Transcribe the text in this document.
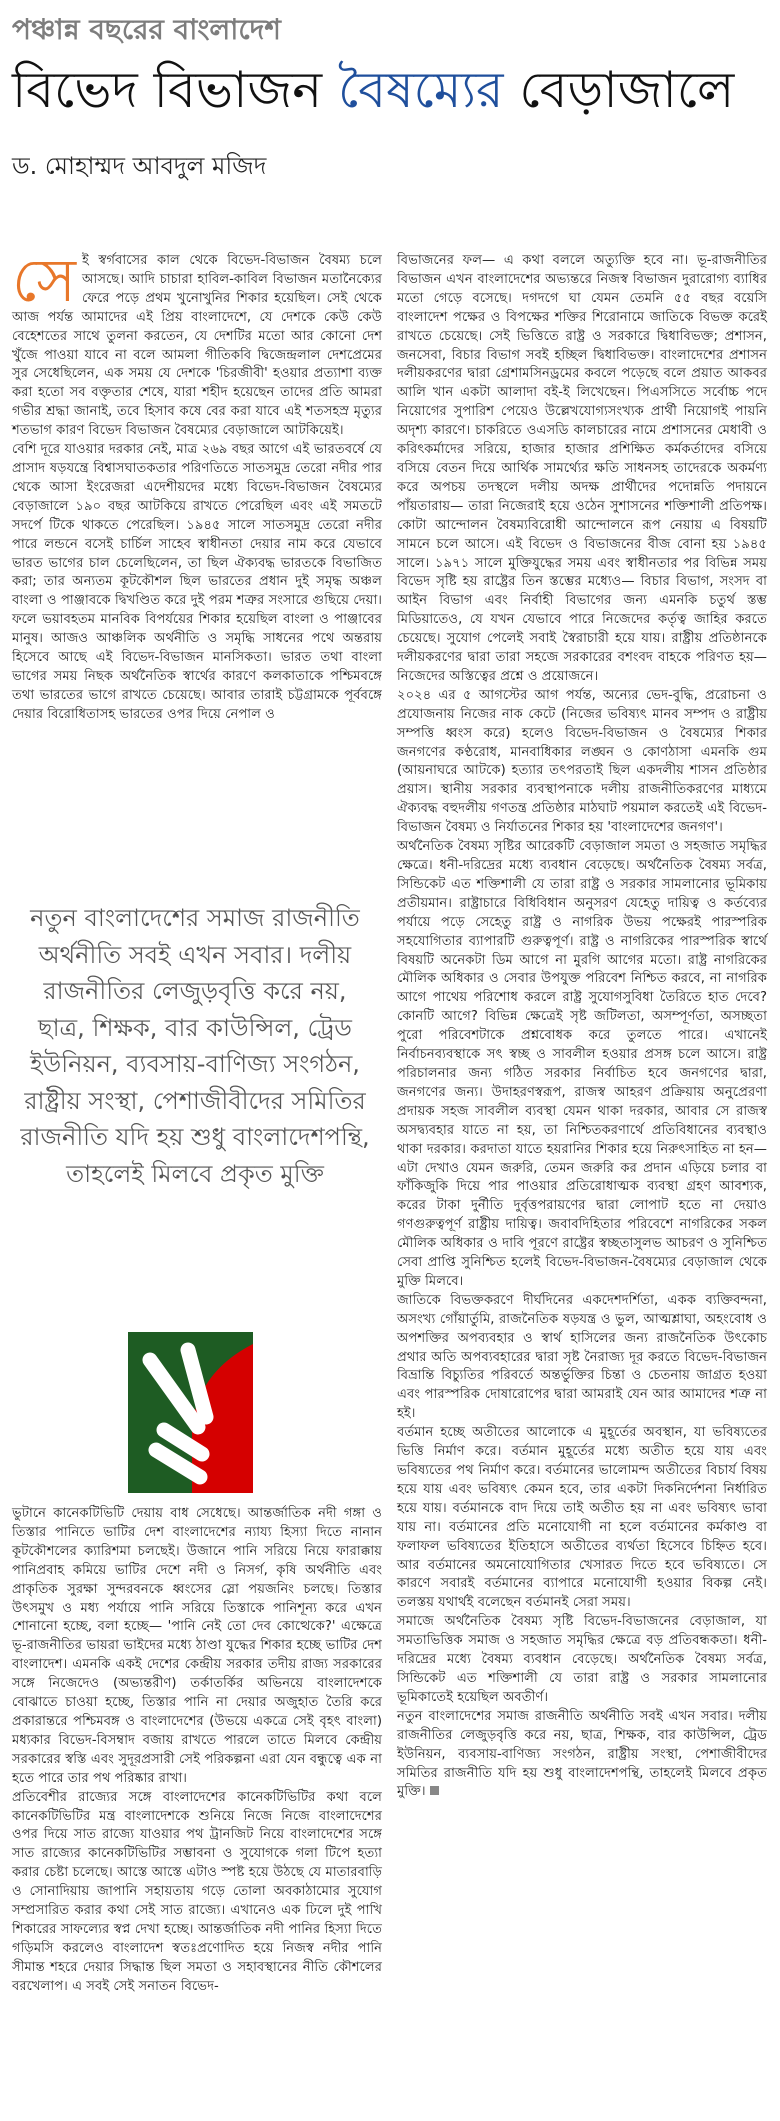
পঞ্চান্ন বছরের বাংলাদেশ
বিভেদ বিভাজন বৈষম্যের বেড়াজালে
ড. মোহাম্মদ আবদুল মজিদ

সেই স্বর্গবাসের কাল থেকে বিভেদ-বিভাজন বৈষম্য চলে আসছে। আদি চাচারা হাবিল-কাবিল বিভাজন মতানৈক্যের ফেরে পড়ে প্রথম খুনোখুনির শিকার হয়েছিল। সেই থেকে আজ পর্যন্ত আমাদের এই প্রিয় বাংলাদেশে, যে দেশকে কেউ কেউ বেহেশতের সাথে তুলনা করতেন, যে দেশটির মতো আর কোনো দেশ খুঁজে পাওয়া যাবে না বলে আমলা গীতিকবি দ্বিজেন্দ্রলাল দেশপ্রেমের সুর সেধেছিলেন, এক সময় যে দেশকে 'চিরজীবী' হওয়ার প্রত্যাশা ব্যক্ত করা হতো সব বক্তৃতার শেষে, যারা শহীদ হয়েছেন তাদের প্রতি আমরা গভীর শ্রদ্ধা জানাই, তবে হিসাব কষে বের করা যাবে এই শতসহস্র মৃত্যুর শতভাগ কারণ বিভেদ বিভাজন বৈষম্যের বেড়াজালে আটকিয়েই।

বেশি দূরে যাওয়ার দরকার নেই, মাত্র ২৬৯ বছর আগে এই ভারতবর্ষে যে প্রাসাদ ষড়যন্ত্রে বিশ্বাসঘাতকতার পরিণতিতে সাতসমুদ্র তেরো নদীর পার থেকে আসা ইংরেজরা এদেশীয়দের মধ্যে বিভেদ-বিভাজন বৈষম্যের বেড়াজালে ১৯০ বছর আটকিয়ে রাখতে পেরেছিল এবং এই সমতটে সদর্পে টিকে থাকতে পেরেছিল। ১৯৪৫ সালে সাতসমুদ্র তেরো নদীর পারে লন্ডনে বসেই চার্চিল সাহেব স্বাধীনতা দেয়ার নাম করে যেভাবে ভারত ভাগের চাল চেলেছিলেন, তা ছিল ঐক্যবদ্ধ ভারতকে বিভাজিত করা; তার অন্যতম কূটকৌশল ছিল ভারতের প্রধান দুই সমৃদ্ধ অঞ্চল বাংলা ও পাঞ্জাবকে দ্বিখণ্ডিত করে দুই পরম শত্রুর সংসারে গুছিয়ে দেয়া। ফলে ভয়াবহতম মানবিক বিপর্যয়ের শিকার হয়েছিল বাংলা ও পাঞ্জাবের মানুষ। আজও আঞ্চলিক অর্থনীতি ও সমৃদ্ধি সাধনের পথে অন্তরায় হিসেবে আছে এই বিভেদ-বিভাজন মানসিকতা। ভারত তথা বাংলা ভাগের সময় নিছক অর্থনৈতিক স্বার্থের কারণে কলকাতাকে পশ্চিমবঙ্গে তথা ভারতের ভাগে রাখতে চেয়েছে। আবার তারাই চট্টগ্রামকে পূর্ববঙ্গে দেয়ার বিরোধিতাসহ ভারতের ওপর দিয়ে নেপাল ও

নতুন বাংলাদেশের সমাজ রাজনীতি অর্থনীতি সবই এখন সবার। দলীয় রাজনীতির লেজুড়বৃত্তি করে নয়, ছাত্র, শিক্ষক, বার কাউন্সিল, ট্রেড ইউনিয়ন, ব্যবসায়-বাণিজ্য সংগঠন, রাষ্ট্রীয় সংস্থা, পেশাজীবীদের সমিতির রাজনীতি যদি হয় শুধু বাংলাদেশপন্থি, তাহলেই মিলবে প্রকৃত মুক্তি

ভুটানে কানেকটিভিটি দেয়ায় বাধ সেধেছে। আন্তর্জাতিক নদী গঙ্গা ও তিস্তার পানিতে ভাটির দেশ বাংলাদেশের ন্যায্য হিস্যা দিতে নানান কূটকৌশলের ক্যারিশমা চলছেই। উজানে পানি সরিয়ে নিয়ে ফারাক্কায় পানিপ্রবাহ কমিয়ে ভাটির দেশে নদী ও নিসর্গ, কৃষি অর্থনীতি এবং প্রাকৃতিক সুরক্ষা সুন্দরবনকে ধ্বংসের স্লো পয়জনিং চলছে। তিস্তার উৎসমুখ ও মধ্য পর্যায়ে পানি সরিয়ে তিস্তাকে পানিশূন্য করে এখন শোনানো হচ্ছে, বলা হচ্ছে— 'পানি নেই তো দেব কোত্থেকে?' এক্ষেত্রে ভূ-রাজনীতির ভায়রা ভাইদের মধ্যে ঠাণ্ডা যুদ্ধের শিকার হচ্ছে ভাটির দেশ বাংলাদেশ। এমনকি একই দেশের কেন্দ্রীয় সরকার তদীয় রাজ্য সরকারের সঙ্গে নিজেদেও (অভ্যন্তরীণ) তর্কাতর্কির অভিনয়ে বাংলাদেশকে বোঝাতে চাওয়া হচ্ছে, তিস্তার পানি না দেয়ার অজুহাত তৈরি করে প্রকারান্তরে পশ্চিমবঙ্গ ও বাংলাদেশের (উভয়ে একত্রে সেই বৃহৎ বাংলা) মধ্যকার বিভেদ-বিসম্বাদ বজায় রাখতে পারলে তাতে মিলবে কেন্দ্রীয় সরকারের স্বস্তি এবং সুদূরপ্রসারী সেই পরিকল্পনা এরা যেন বন্ধুত্বে এক না হতে পারে তার পথ পরিষ্কার রাখা।

প্রতিবেশীর রাজ্যের সঙ্গে বাংলাদেশের কানেকটিভিটির কথা বলে কানেকটিভিটির মন্ত্র বাংলাদেশকে শুনিয়ে নিজে নিজে বাংলাদেশের ওপর দিয়ে সাত রাজ্যে যাওয়ার পথ ট্রানজিট নিয়ে বাংলাদেশের সঙ্গে সাত রাজ্যের কানেকটিভিটির সম্ভাবনা ও সুযোগকে গলা টিপে হত্যা করার চেষ্টা চলেছে। আস্তে আস্তে এটাও স্পষ্ট হয়ে উঠছে যে মাতারবাড়ি ও সোনাদিয়ায় জাপানি সহায়তায় গড়ে তোলা অবকাঠামোর সুযোগ সম্প্রসারিত করার কথা সেই সাত রাজ্যে। এখানেও এক ঢিলে দুই পাখি শিকারের সাফল্যের স্বপ্ন দেখা হচ্ছে। আন্তর্জাতিক নদী পানির হিস্যা দিতে গড়িমসি করলেও বাংলাদেশ স্বতঃপ্রণোদিত হয়ে নিজস্ব নদীর পানি সীমান্ত শহরে দেয়ার সিদ্ধান্ত ছিল সমতা ও সহাবস্থানের নীতি কৌশলের বরখেলাপ। এ সবই সেই সনাতন বিভেদ-

বিভাজনের ফল— এ কথা বললে অত্যুক্তি হবে না। ভূ-রাজনীতির বিভাজন এখন বাংলাদেশের অভ্যন্তরে নিজস্ব বিভাজন দুরারোগ্য ব্যাধির মতো গেড়ে বসেছে। দগদগে ঘা যেমন তেমনি ৫৫ বছর বয়েসি বাংলাদেশ পক্ষের ও বিপক্ষের শক্তির শিরোনামে জাতিকে বিভক্ত করেই রাখতে চেয়েছে। সেই ভিত্তিতে রাষ্ট্র ও সরকারে দ্বিধাবিভক্ত; প্রশাসন, জনসেবা, বিচার বিভাগ সবই হচ্ছিল দ্বিধাবিভক্ত। বাংলাদেশের প্রশাসন দলীয়করণের দ্বারা গ্রেশামসিনড্রমের কবলে পড়েছে বলে প্রয়াত আকবর আলি খান একটা আলাদা বই-ই লিখেছেন। পিএসসিতে সর্বোচ্চ পদে নিয়োগের সুপারিশ পেয়েও উল্লেখযোগ্যসংখ্যক প্রার্থী নিয়োগই পায়নি অদৃশ্য কারণে। চাকরিতে ওএসডি কালচারের নামে প্রশাসনের মেধাবী ও করিৎকর্মাদের সরিয়ে, হাজার হাজার প্রশিক্ষিত কর্মকর্তাদের বসিয়ে বসিয়ে বেতন দিয়ে আর্থিক সামর্থ্যের ক্ষতি সাধনসহ তাদেরকে অকর্মণ্য করে অপচয় তদস্থলে দলীয় অদক্ষ প্রার্থীদের পদোন্নতি পদায়নে পাঁয়তারায়— তারা নিজেরাই হয়ে ওঠেন সুশাসনের শক্তিশালী প্রতিপক্ষ। কোটা আন্দোলন বৈষম্যবিরোধী আন্দোলনে রূপ নেয়ায় এ বিষয়টি সামনে চলে আসে। এই বিভেদ ও বিভাজনের বীজ বোনা হয় ১৯৪৫ সালে। ১৯৭১ সালে মুক্তিযুদ্ধের সময় এবং স্বাধীনতার পর বিভিন্ন সময় বিভেদ সৃষ্টি হয় রাষ্ট্রের তিন স্তম্ভের মধ্যেও— বিচার বিভাগ, সংসদ বা আইন বিভাগ এবং নির্বাহী বিভাগের জন্য এমনকি চতুর্থ স্তম্ভ মিডিয়াতেও, যে যখন যেভাবে পারে নিজেদের কর্তৃত্ব জাহির করতে চেয়েছে। সুযোগ পেলেই সবাই স্বৈরাচারী হয়ে যায়। রাষ্ট্রীয় প্রতিষ্ঠানকে দলীয়করণের দ্বারা তারা সহজে সরকারের বশংবদ বাহকে পরিণত হয়— নিজেদের অস্তিত্বের প্রশ্নে ও প্রয়োজনে।

২০২৪ এর ৫ আগস্টের আগ পর্যন্ত, অন্যের ভেদ-বুদ্ধি, প্ররোচনা ও প্রযোজনায় নিজের নাক কেটে (নিজের ভবিষ্যৎ মানব সম্পদ ও রাষ্ট্রীয় সম্পত্তি ধ্বংস করে) হলেও বিভেদ-বিভাজন ও বৈষম্যের শিকার জনগণের কণ্ঠরোধ, মানবাধিকার লঙ্ঘন ও কোণঠাসা এমনকি গুম (আয়নাঘরে আটকে) হত্যার তৎপরতাই ছিল একদলীয় শাসন প্রতিষ্ঠার প্রয়াস। স্থানীয় সরকার ব্যবস্থাপনাকে দলীয় রাজনীতিকরণের মাধ্যমে ঐক্যবদ্ধ বহুদলীয় গণতন্ত্র প্রতিষ্ঠার মাঠঘাট পয়মাল করতেই এই বিভেদ-বিভাজন বৈষম্য ও নির্যাতনের শিকার হয় 'বাংলাদেশের জনগণ'।

অর্থনৈতিক বৈষম্য সৃষ্টির আরেকটি বেড়াজাল সমতা ও সহজাত সমৃদ্ধির ক্ষেত্রে। ধনী-দরিদ্রের মধ্যে ব্যবধান বেড়েছে। অর্থনৈতিক বৈষম্য সর্বত্র, সিন্ডিকেট এত শক্তিশালী যে তারা রাষ্ট্র ও সরকার সামলানোর ভূমিকায় প্রতীয়মান। রাষ্ট্রাচারে বিধিবিধান অনুসরণ যেহেতু দায়িত্ব ও কর্তব্যের পর্যায়ে পড়ে সেহেতু রাষ্ট্র ও নাগরিক উভয় পক্ষেরই পারস্পরিক সহযোগিতার ব্যাপারটি গুরুত্বপূর্ণ। রাষ্ট্র ও নাগরিকের পারস্পরিক স্বার্থে বিষয়টি অনেকটা ডিম আগে না মুরগি আগের মতো। রাষ্ট্র নাগরিকের মৌলিক অধিকার ও সেবার উপযুক্ত পরিবেশ নিশ্চিত করবে, না নাগরিক আগে পাথেয় পরিশোধ করলে রাষ্ট্র সুযোগসুবিধা তৈরিতে হাত দেবে? কোনটি আগে? বিভিন্ন ক্ষেত্রেই সৃষ্ট জটিলতা, অসম্পূর্ণতা, অসচ্ছতা পুরো পরিবেশটাকে প্রশ্নবোধক করে তুলতে পারে। এখানেই নির্বাচনব্যবস্থাকে সৎ স্বচ্ছ ও সাবলীল হওয়ার প্রসঙ্গ চলে আসে। রাষ্ট্র পরিচালনার জন্য গঠিত সরকার নির্বাচিত হবে জনগণের দ্বারা, জনগণের জন্য। উদাহরণস্বরূপ, রাজস্ব আহরণ প্রক্রিয়ায় অনুপ্রেরণা প্রদায়ক সহজ সাবলীল ব্যবস্থা যেমন থাকা দরকার, আবার সে রাজস্ব অসদ্ব্যবহার যাতে না হয়, তা নিশ্চিতকরণার্থে প্রতিবিধানের ব্যবস্থাও থাকা দরকার। করদাতা যাতে হয়রানির শিকার হয়ে নিরুৎসাহিত না হন— এটা দেখাও যেমন জরুরি, তেমন জরুরি কর প্রদান এড়িয়ে চলার বা ফাঁকিজুকি দিয়ে পার পাওয়ার প্রতিরোধাত্মক ব্যবস্থা গ্রহণ আবশ্যক, করের টাকা দুর্নীতি দুর্বৃত্তপরায়ণের দ্বারা লোপাট হতে না দেয়াও গণগুরুত্বপূর্ণ রাষ্ট্রীয় দায়িত্ব। জবাবদিহিতার পরিবেশে নাগরিকের সকল মৌলিক অধিকার ও দাবি পূরণে রাষ্ট্রের স্বচ্ছতাসুলভ আচরণ ও সুনিশ্চিত সেবা প্রাপ্তি সুনিশ্চিত হলেই বিভেদ-বিভাজন-বৈষম্যের বেড়াজাল থেকে মুক্তি মিলবে।

জাতিকে বিভক্তকরণে দীর্ঘদিনের একদেশদর্শিতা, একক ব্যক্তিবন্দনা, অসংখ্য গোঁয়ার্তুমি, রাজনৈতিক ষড়যন্ত্র ও ভুল, আত্মশ্লাঘা, অহংবোধ ও অপশক্তির অপব্যবহার ও স্বার্থ হাসিলের জন্য রাজনৈতিক উৎকোচ প্রথার অতি অপব্যবহারের দ্বারা সৃষ্ট নৈরাজ্য দূর করতে বিভেদ-বিভাজন বিভ্রান্তি বিচ্যুতির পরিবর্তে অন্তর্ভুক্তির চিন্তা ও চেতনায় জাগ্রত হওয়া এবং পারস্পরিক দোষারোপের দ্বারা আমরাই যেন আর আমাদের শত্রু না হই।

বর্তমান হচ্ছে অতীতের আলোকে এ মুহূর্তের অবস্থান, যা ভবিষ্যতের ভিত্তি নির্মাণ করে। বর্তমান মুহূর্তের মধ্যে অতীত হয়ে যায় এবং ভবিষ্যতের পথ নির্মাণ করে। বর্তমানের ভালোমন্দ অতীতের বিচার্য বিষয় হয়ে যায় এবং ভবিষ্যৎ কেমন হবে, তার একটা দিকনির্দেশনা নির্ধারিত হয়ে যায়। বর্তমানকে বাদ দিয়ে তাই অতীত হয় না এবং ভবিষ্যৎ ভাবা যায় না। বর্তমানের প্রতি মনোযোগী না হলে বর্তমানের কর্মকাণ্ড বা ফলাফল ভবিষ্যতের ইতিহাসে অতীতের ব্যর্থতা হিসেবে চিহ্নিত হবে। আর বর্তমানের অমনোযোগিতার খেসারত দিতে হবে ভবিষ্যতে। সে কারণে সবারই বর্তমানের ব্যাপারে মনোযোগী হওয়ার বিকল্প নেই। তলস্তয় যথার্থই বলেছেন বর্তমানই সেরা সময়।

সমাজে অর্থনৈতিক বৈষম্য সৃষ্টি বিভেদ-বিভাজনের বেড়াজাল, যা সমতাভিত্তিক সমাজ ও সহজাত সমৃদ্ধির ক্ষেত্রে বড় প্রতিবন্ধকতা। ধনী-দরিদ্রের মধ্যে বৈষম্য ব্যবধান বেড়েছে। অর্থনৈতিক বৈষম্য সর্বত্র, সিন্ডিকেট এত শক্তিশালী যে তারা রাষ্ট্র ও সরকার সামলানোর ভূমিকাতেই হয়েছিল অবতীর্ণ।

নতুন বাংলাদেশের সমাজ রাজনীতি অর্থনীতি সবই এখন সবার। দলীয় রাজনীতির লেজুড়বৃত্তি করে নয়, ছাত্র, শিক্ষক, বার কাউন্সিল, ট্রেড ইউনিয়ন, ব্যবসায়-বাণিজ্য সংগঠন, রাষ্ট্রীয় সংস্থা, পেশাজীবীদের সমিতির রাজনীতি যদি হয় শুধু বাংলাদেশপন্থি, তাহলেই মিলবে প্রকৃত মুক্তি।
